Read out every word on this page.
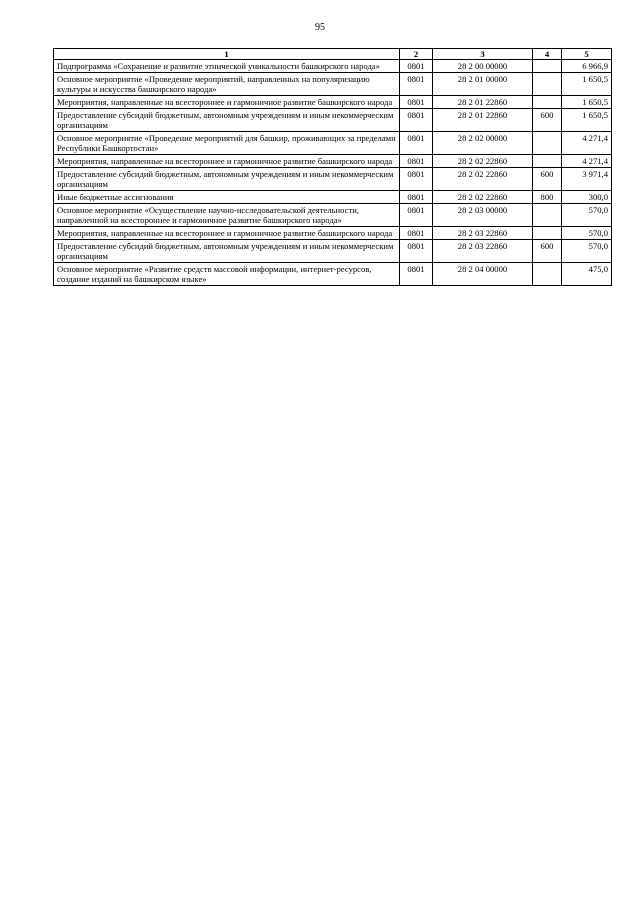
95
1	2	3	4	5
Подпрограмма «Сохранение и развитие этнической уникальности башкирского народа»	0801	28 2 00 00000		6 966,9
Основное мероприятие «Проведение мероприятий, направленных на популяризацию культуры и искусства башкирского народа»	0801	28 2 01 00000		1 650,5
Мероприятия, направленные на всестороннее и гармоничное развитие башкирского народа	0801	28 2 01 22860		1 650,5
Предоставление субсидий бюджетным, автономным учреждениям и иным некоммерческим организациям	0801	28 2 01 22860	600	1 650,5
Основное мероприятие «Проведение мероприятий для башкир, проживающих за пределами Республики Башкортостан»	0801	28 2 02 00000		4 271,4
Мероприятия, направленные на всестороннее и гармоничное развитие башкирского народа	0801	28 2 02 22860		4 271,4
Предоставление субсидий бюджетным, автономным учреждениям и иным некоммерческим организациям	0801	28 2 02 22860	600	3 971,4
Иные бюджетные ассигнования	0801	28 2 02 22860	800	300,0
Основное мероприятие «Осуществление научно-исследовательской деятельности, направленной на всестороннее и гармоничное развитие башкирского народа»	0801	28 2 03 00000		570,0
Мероприятия, направленные на всестороннее и гармоничное развитие башкирского народа	0801	28 2 03 22860		570,0
Предоставление субсидий бюджетным, автономным учреждениям и иным некоммерческим организациям	0801	28 2 03 22860	600	570,0
Основное мероприятие «Развитие средств массовой информации, интернет-ресурсов, создание изданий на башкирском языке»	0801	28 2 04 00000		475,0
